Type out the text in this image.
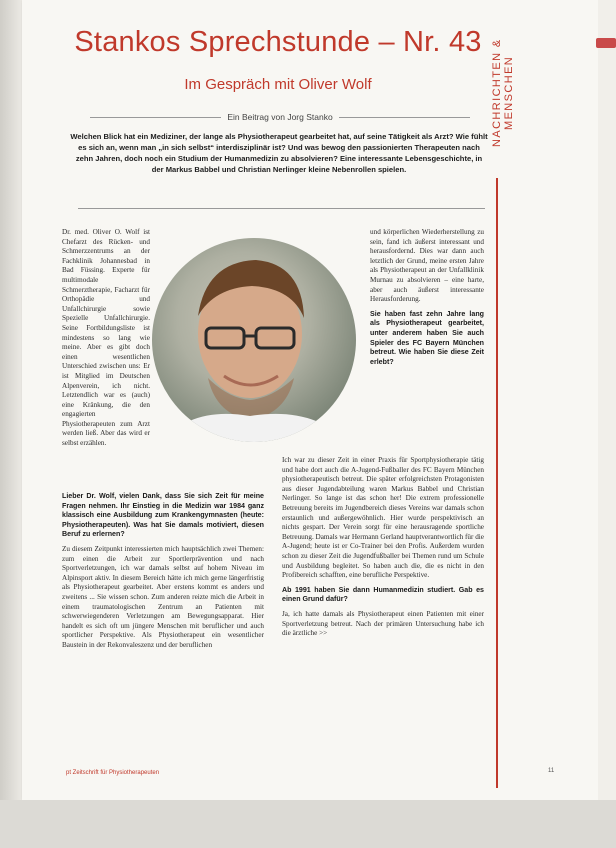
Stankos Sprechstunde – Nr. 43
Im Gespräch mit Oliver Wolf
Ein Beitrag von Jorg Stanko

Welchen Blick hat ein Mediziner, der lange als Physiotherapeut gearbeitet hat, auf seine Tätigkeit als Arzt? Wie fühlt es sich an, wenn man „in sich selbst“ interdisziplinär ist? Und was bewog den passionierten Therapeuten nach zehn Jahren, doch noch ein Studium der Humanmedizin zu absolvieren? Eine interessante Lebensgeschichte, in der Markus Babbel und Christian Nerlinger kleine Nebenrollen spielen.

NACHRICHTEN & MENSCHEN

Dr. med. Oliver O. Wolf ist Chefarzt des Rücken- und Schmerzzentrums an der Fachklinik Johannesbad in Bad Füssing. Experte für multimodale Schmerztherapie, Facharzt für Orthopädie und Unfallchirurgie sowie Spezielle Unfallchirurgie. Seine Fortbildungsliste ist mindestens so lang wie meine. Aber es gibt doch einen wesentlichen Unterschied zwischen uns: Er ist Mitglied im Deutschen Alpenverein, ich nicht. Letztendlich war es (auch) eine Kränkung, die den engagierten Physiotherapeuten zum Arzt werden ließ. Aber das wird er selbst erzählen.

Lieber Dr. Wolf, vielen Dank, dass Sie sich Zeit für meine Fragen nehmen. Ihr Einstieg in die Medizin war 1984 ganz klassisch eine Ausbildung zum Krankengymnasten (heute: Physiotherapeuten). Was hat Sie damals motiviert, diesen Beruf zu erlernen?

Zu diesem Zeitpunkt interessierten mich hauptsächlich zwei Themen: zum einen die Arbeit zur Sportlerprävention und nach Sportverletzungen, ich war damals selbst auf hohem Niveau im Alpinsport aktiv. In diesem Bereich hätte ich mich gerne längerfristig als Physiotherapeut gearbeitet. Aber erstens kommt es anders und zweitens ... Sie wissen schon. Zum anderen reizte mich die Arbeit in einem traumatologischen Zentrum an Patienten mit schwerwiegenderen Verletzungen am Bewegungsapparat. Hier handelt es sich oft um jüngere Menschen mit beruflicher und auch sportlicher Perspektive. Als Physiotherapeut ein wesentlicher Baustein in der Rekonvaleszenz und der beruflichen

und körperlichen Wiederherstellung zu sein, fand ich äußerst interessant und herausfordernd. Dies war dann auch letztlich der Grund, meine ersten Jahre als Physiotherapeut an der Unfallklinik Murnau zu absolvieren – eine harte, aber auch äußerst interessante Herausforderung.

Sie haben fast zehn Jahre lang als Physiotherapeut gearbeitet, unter anderem haben Sie auch Spieler des FC Bayern München betreut. Wie haben Sie diese Zeit erlebt?

Ich war zu dieser Zeit in einer Praxis für Sportphysiotherapie tätig und habe dort auch die A-Jugend-Fußballer des FC Bayern München physiotherapeutisch betreut. Die später erfolgreichsten Protagonisten aus dieser Jugendabteilung waren Markus Babbel und Christian Nerlinger. So lange ist das schon her! Die extrem professionelle Betreuung bereits im Jugendbereich dieses Vereins war damals schon erstaunlich und außergewöhnlich. Hier wurde perspektivisch an nichts gespart. Der Verein sorgt für eine herausragende sportliche Betreuung. Damals war Hermann Gerland hauptverantwortlich für die A-Jugend; heute ist er Co-Trainer bei den Profis. Außerdem wurden schon zu dieser Zeit die Jugendfußballer bei Themen rund um Schule und Ausbildung begleitet. So haben auch die, die es nicht in den Profibereich schafften, eine berufliche Perspektive.

Ab 1991 haben Sie dann Humanmedizin studiert. Gab es einen Grund dafür?

Ja, ich hatte damals als Physiotherapeut einen Patienten mit einer Sportverletzung betreut. Nach der primären Untersuchung habe ich die ärztliche >>

pt Zeitschrift für Physiotherapeuten	11
